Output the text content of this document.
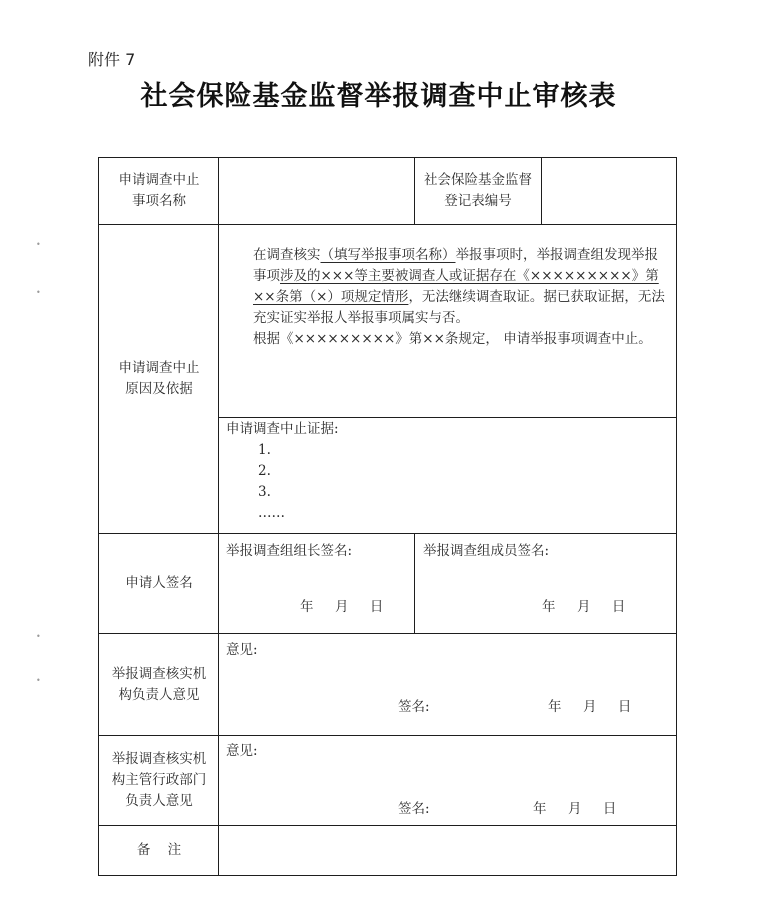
附件 7
社会保险基金监督举报调查中止审核表
•
•
•
•
申请调查中止事项名称
社会保险基金监督登记表编号
申请调查中止原因及依据

在调查核实（填写举报事项名称）举报事项时，举报调查组发现举报事项涉及的×××等主要被调查人或证据存在《×××××××××》第××条第（×）项规定情形，无法继续调查取证。据已获取证据，无法充实证实举报人举报事项属实与否。

根据《×××××××××》第××条规定， 申请举报事项调查中止。

申请调查中止证据:
1.
2.
3.
……
申请人签名
举报调查组组长签名:
年     月     日
举报调查组成员签名:
年     月     日
举报调查核实机构负责人意见
意见:
签名:	年     月     日
举报调查核实机构主管行政部门负责人意见
意见:
签名:	年     月     日
备    注
